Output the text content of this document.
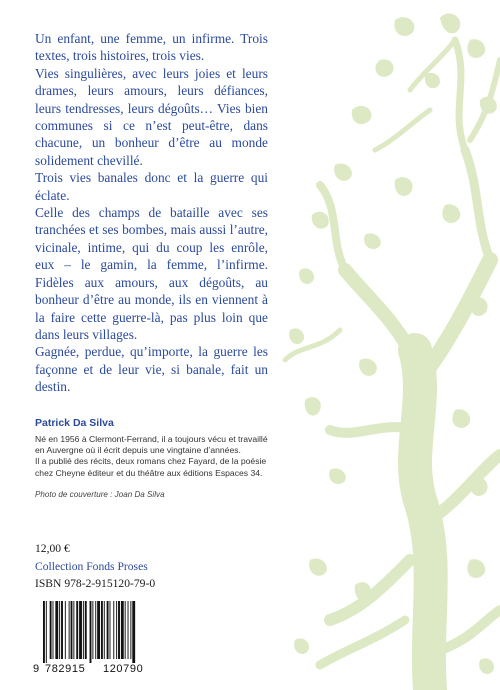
Un enfant, une femme, un infirme. Trois textes, trois histoires, trois vies.

Vies singulières, avec leurs joies et leurs drames, leurs amours, leurs défiances, leurs tendresses, leurs dégoûts… Vies bien communes si ce n’est peut-être, dans chacune, un bonheur d’être au monde solidement chevillé.

Trois vies banales donc et la guerre qui éclate.

Celle des champs de bataille avec ses tranchées et ses bombes, mais aussi l’autre, vicinale, intime, qui du coup les enrôle, eux – le gamin, la femme, l’infirme. Fidèles aux amours, aux dégoûts, au bonheur d’être au monde, ils en viennent à la faire cette guerre-là, pas plus loin que dans leurs villages.

Gagnée, perdue, qu’importe, la guerre les façonne et de leur vie, si banale, fait un destin.

Patrick Da Silva

Né en 1956 à Clermont-Ferrand, il a toujours vécu et travaillé en Auvergne où il écrit depuis une vingtaine d’années.

Il a publié des récits, deux romans chez Fayard, de la poésie chez Cheyne éditeur et du théâtre aux éditions Espaces 34.

Photo de couverture : Joan Da Silva
12,00 €
Collection Fonds Proses
ISBN 978-2-915120-79-0
9 782915 120790
